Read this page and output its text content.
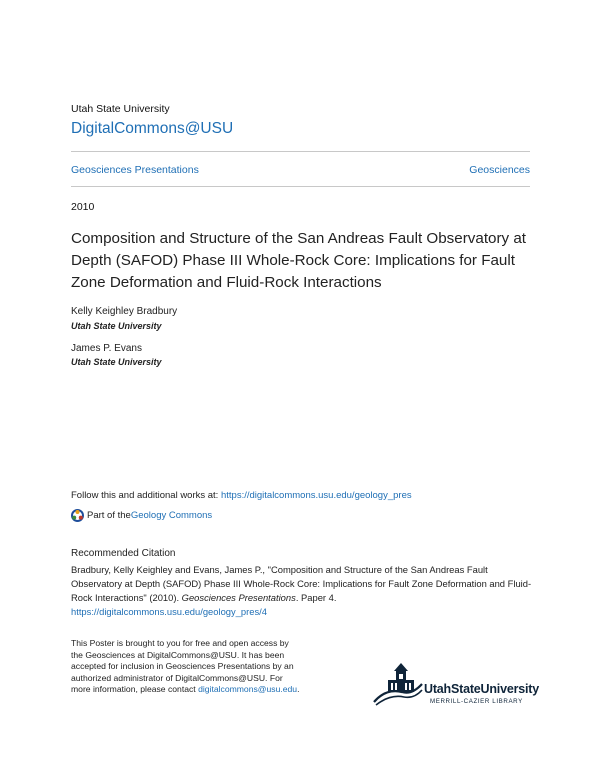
Utah State University
DigitalCommons@USU
Geosciences Presentations	Geosciences
2010
Composition and Structure of the San Andreas Fault Observatory at Depth (SAFOD) Phase III Whole-Rock Core: Implications for Fault Zone Deformation and Fluid-Rock Interactions
Kelly Keighley Bradbury
Utah State University
James P. Evans
Utah State University
Follow this and additional works at: https://digitalcommons.usu.edu/geology_pres
Part of the Geology Commons
Recommended Citation
Bradbury, Kelly Keighley and Evans, James P., "Composition and Structure of the San Andreas Fault Observatory at Depth (SAFOD) Phase III Whole-Rock Core: Implications for Fault Zone Deformation and Fluid-Rock Interactions" (2010). Geosciences Presentations. Paper 4.
https://digitalcommons.usu.edu/geology_pres/4
This Poster is brought to you for free and open access by the Geosciences at DigitalCommons@USU. It has been accepted for inclusion in Geosciences Presentations by an authorized administrator of DigitalCommons@USU. For more information, please contact digitalcommons@usu.edu.	UtahStateUniversity
MERRILL-CAZIER LIBRARY
